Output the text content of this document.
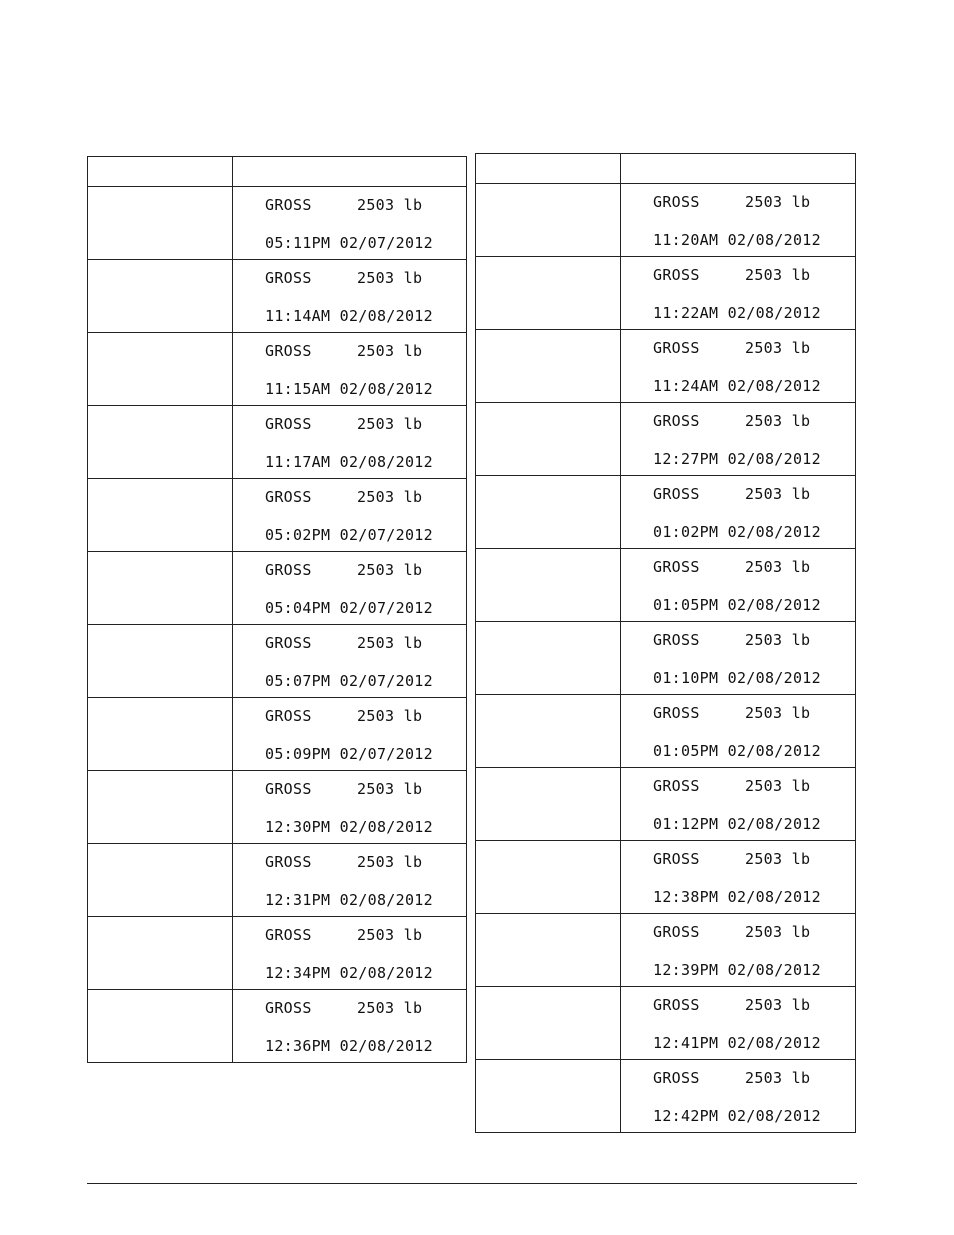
	GROSS 2503 lb
05:11PM 02/07/2012

	GROSS 2503 lb
11:14AM 02/08/2012

	GROSS 2503 lb
11:15AM 02/08/2012

	GROSS 2503 lb
11:17AM 02/08/2012

	GROSS 2503 lb
05:02PM 02/07/2012

	GROSS 2503 lb
05:04PM 02/07/2012

	GROSS 2503 lb
05:07PM 02/07/2012

	GROSS 2503 lb
05:09PM 02/07/2012

	GROSS 2503 lb
12:30PM 02/08/2012

	GROSS 2503 lb
12:31PM 02/08/2012

	GROSS 2503 lb
12:34PM 02/08/2012

	GROSS 2503 lb
12:36PM 02/08/2012

	GROSS 2503 lb
11:20AM 02/08/2012

	GROSS 2503 lb
11:22AM 02/08/2012

	GROSS 2503 lb
11:24AM 02/08/2012

	GROSS 2503 lb
12:27PM 02/08/2012

	GROSS 2503 lb
01:02PM 02/08/2012

	GROSS 2503 lb
01:05PM 02/08/2012

	GROSS 2503 lb
01:10PM 02/08/2012

	GROSS 2503 lb
01:05PM 02/08/2012

	GROSS 2503 lb
01:12PM 02/08/2012

	GROSS 2503 lb
12:38PM 02/08/2012

	GROSS 2503 lb
12:39PM 02/08/2012

	GROSS 2503 lb
12:41PM 02/08/2012

	GROSS 2503 lb
12:42PM 02/08/2012
